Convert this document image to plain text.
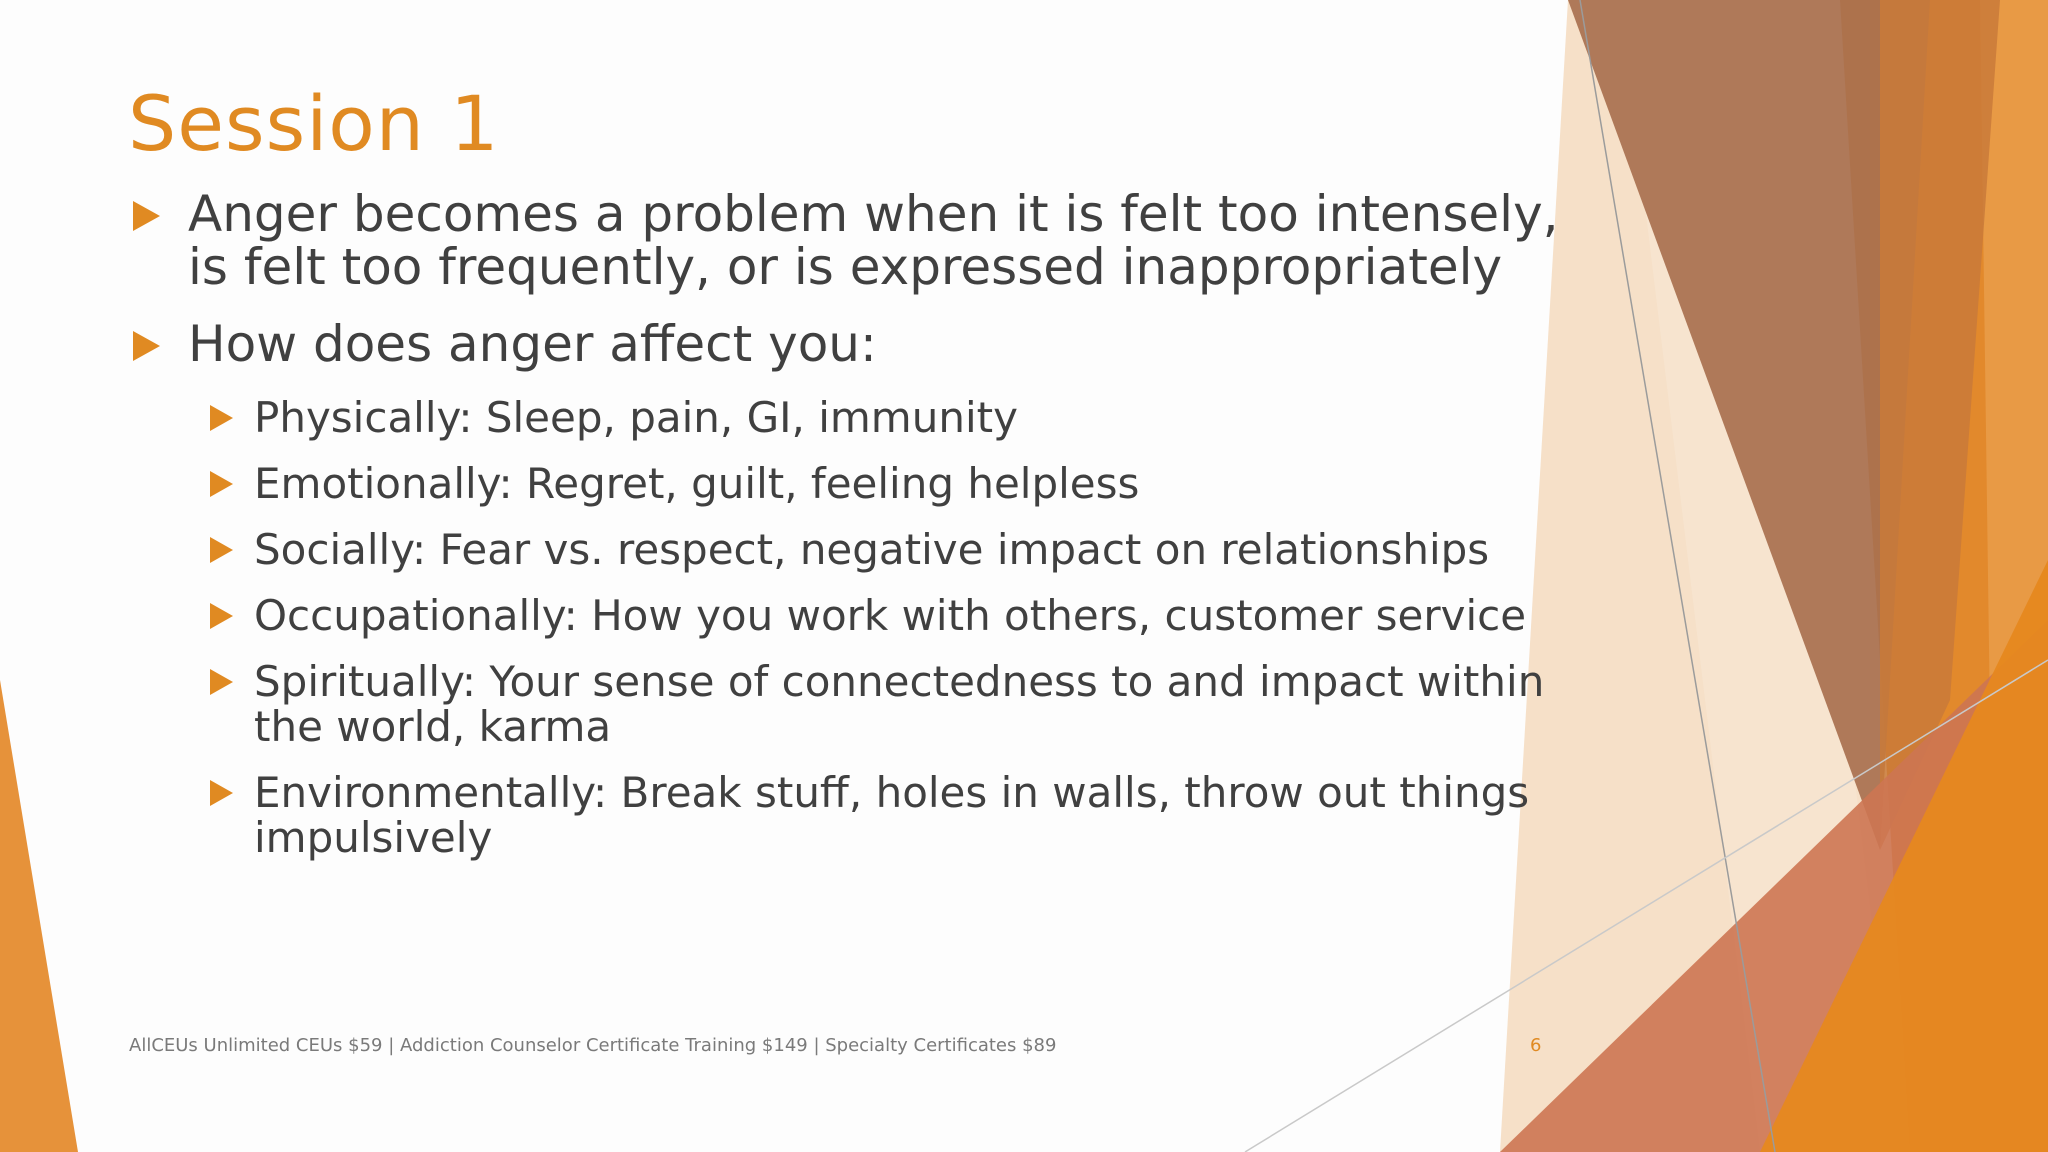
Session 1
Anger becomes a problem when it is felt too intensely, is felt too frequently, or is expressed inappropriately
How does anger affect you:
Physically: Sleep, pain, GI, immunity
Emotionally: Regret, guilt, feeling helpless
Socially: Fear vs. respect, negative impact on relationships
Occupationally: How you work with others, customer service
Spiritually: Your sense of connectedness to and impact within the world, karma
Environmentally: Break stuff, holes in walls, throw out things impulsively
AllCEUs Unlimited CEUs $59 | Addiction Counselor Certificate Training $149 | Specialty Certificates $89	6
